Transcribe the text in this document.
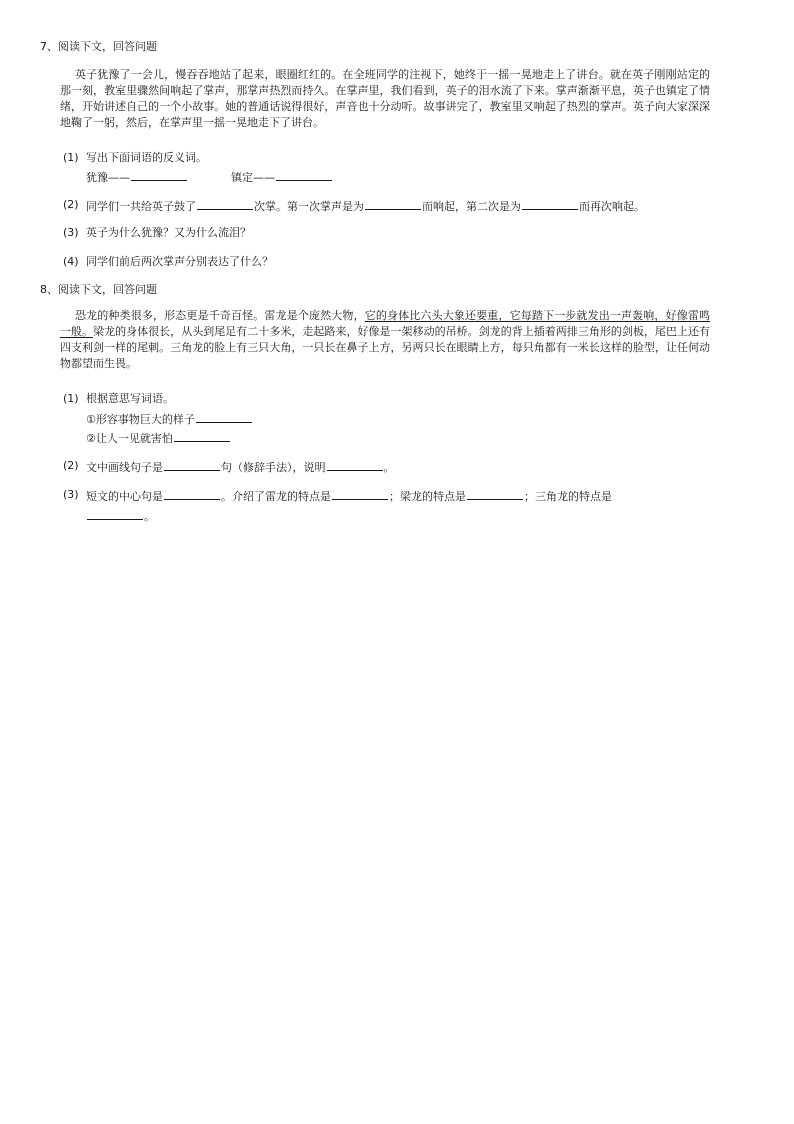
7、阅读下文，回答问题
英子犹豫了一会儿，慢吞吞地站了起来，眼圈红红的。在全班同学的注视下，她终于一摇一晃地走上了讲台。就在英子刚刚站定的那一刻，教室里骤然间响起了掌声，那掌声热烈而持久。在掌声里，我们看到，英子的泪水流了下来。掌声渐渐平息，英子也镇定了情绪，开始讲述自己的一个小故事。她的普通话说得很好，声音也十分动听。故事讲完了，教室里又响起了热烈的掌声。英子向大家深深地鞠了一躬，然后，在掌声里一摇一晃地走下了讲台。
(1) 写出下面词语的反义词。
犹豫——	镇定——
(2) 同学们一共给英子鼓了	次掌。第一次掌声是为	而响起，第二次是为	而再次响起。
(3) 英子为什么犹豫？又为什么流泪？
(4) 同学们前后两次掌声分别表达了什么？
8、阅读下文，回答问题
恐龙的种类很多，形态更是千奇百怪。雷龙是个庞然大物，它的身体比六头大象还要重，它每踏下一步就发出一声轰响，好像雷鸣一般。梁龙的身体很长，从头到尾足有二十多米，走起路来，好像是一架移动的吊桥。剑龙的背上插着两排三角形的剑板，尾巴上还有四支利剑一样的尾刺。三角龙的脸上有三只大角，一只长在鼻子上方，另两只长在眼睛上方，每只角都有一米长这样的脸型，让任何动物都望而生畏。
(1) 根据意思写词语。
①形容事物巨大的样子
②让人一见就害怕
(2) 文中画线句子是	句（修辞手法），说明	。
(3) 短文的中心句是	。介绍了雷龙的特点是	；梁龙的特点是	；三角龙的特点是
。
